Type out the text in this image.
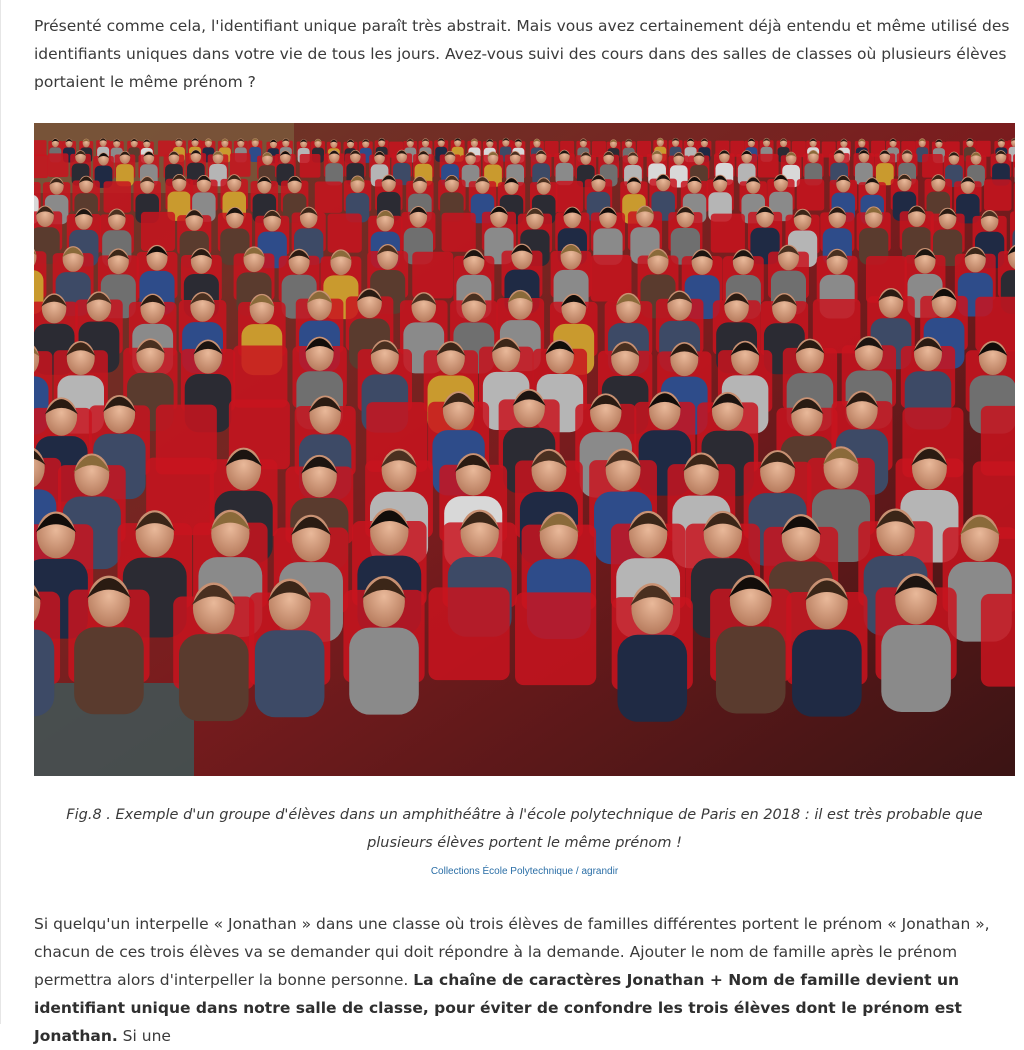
Présenté comme cela, l'identifiant unique paraît très abstrait. Mais vous avez certainement déjà entendu et même utilisé des identifiants uniques dans votre vie de tous les jours. Avez-vous suivi des cours dans des salles de classes où plusieurs élèves portaient le même prénom ?

Fig.8 . Exemple d'un groupe d'élèves dans un amphithéâtre à l'école polytechnique de Paris en 2018 : il est très probable que plusieurs élèves portent le même prénom !
Collections École Polytechnique / agrandir

Si quelqu'un interpelle « Jonathan » dans une classe où trois élèves de familles différentes portent le prénom « Jonathan », chacun de ces trois élèves va se demander qui doit répondre à la demande. Ajouter le nom de famille après le prénom permettra alors d'interpeller la bonne personne. La chaîne de caractères Jonathan + Nom de famille devient un identifiant unique dans notre salle de classe, pour éviter de confondre les trois élèves dont le prénom est Jonathan. Si une
